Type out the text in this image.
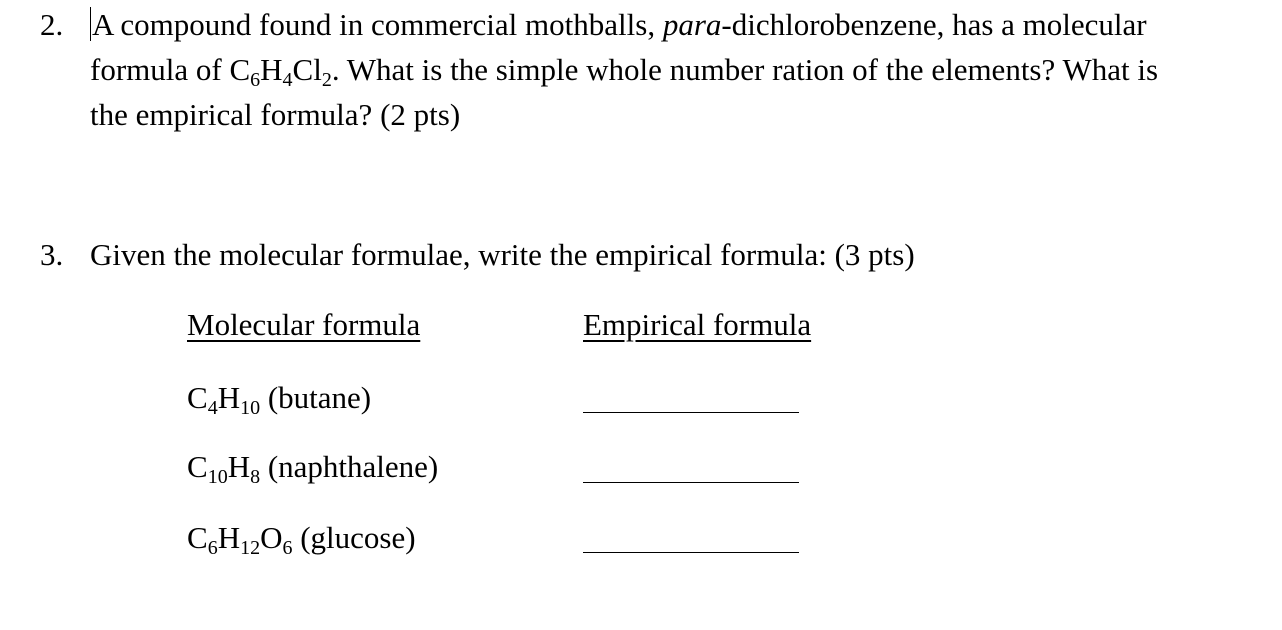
2. A compound found in commercial mothballs, para-dichlorobenzene, has a molecular
formula of $C_6H_4Cl_2$. What is the simple whole number ration of the elements? What is
the empirical formula? (2 pts)
3. Given the molecular formulae, write the empirical formula: (3 pts)
Molecular formula	Empirical formula
$C_4H_{10}$ (butane)
$C_{10}H_8$ (naphthalene)
$C_6H_{12}O_6$ (glucose)
